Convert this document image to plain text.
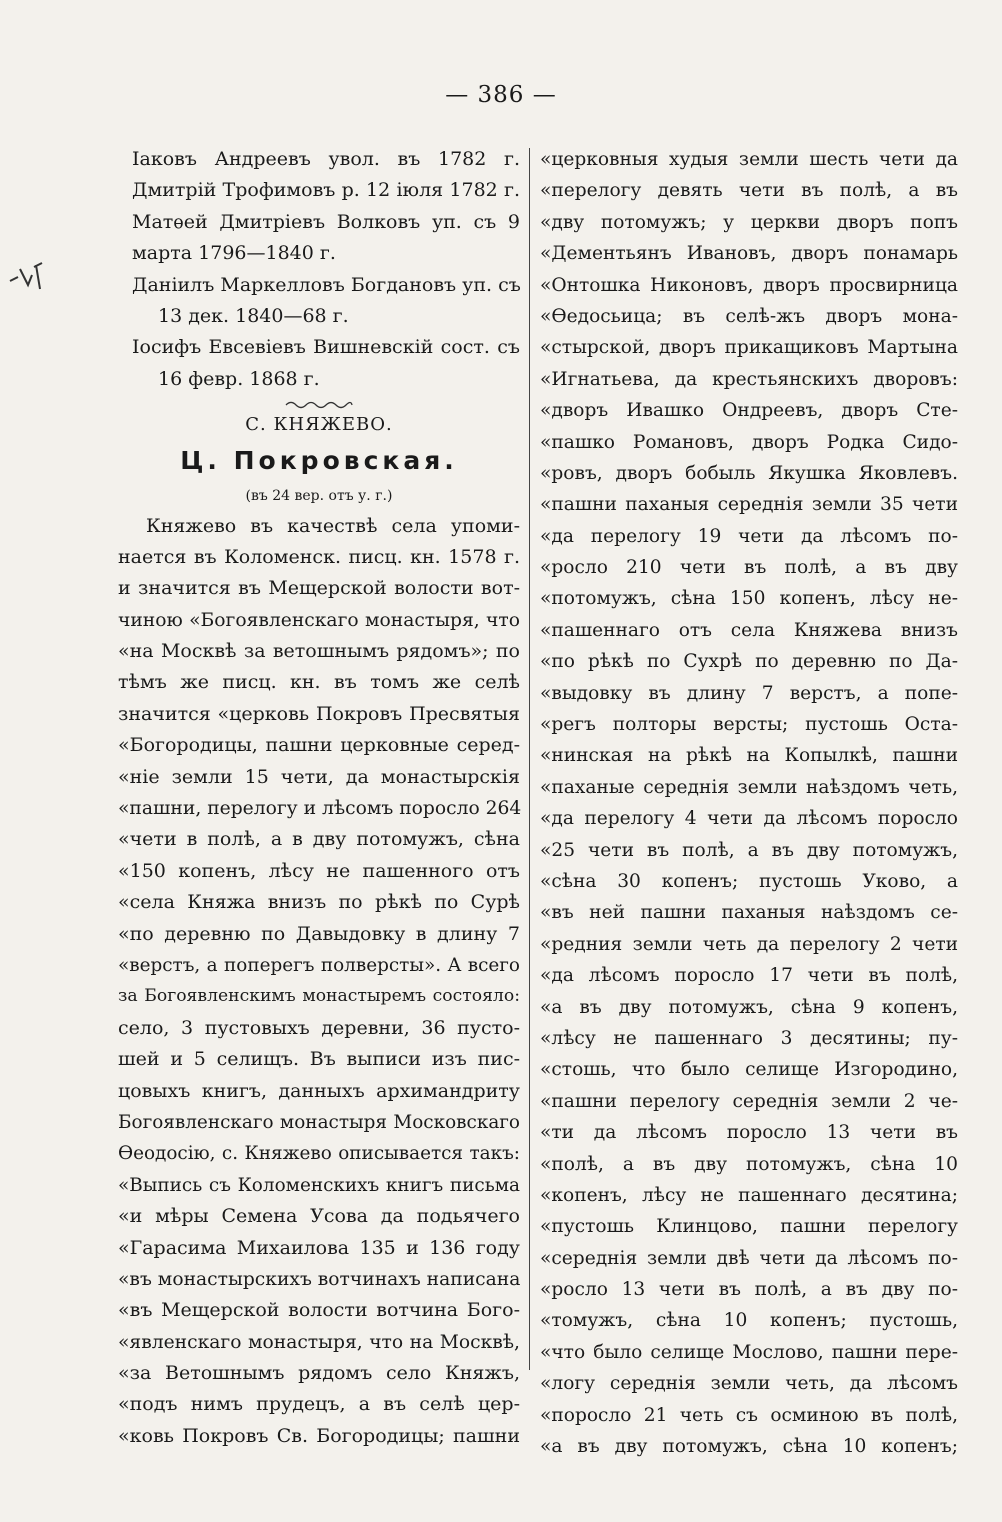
— 386 —
Іаковъ Андреевъ увол. въ 1782 г.
Дмитрій Трофимовъ р. 12 іюля 1782 г.
Матѳей Дмитріевъ Волковъ уп. съ 9
марта 1796—1840 г.
Даніилъ Маркелловъ Богдановъ уп. съ
13 дек. 1840—68 г.
Іосифъ Евсевіевъ Вишневскій сост. съ
16 февр. 1868 г.
С. КНЯЖЕВО.
Ц. Покровская.
(въ 24 вер. отъ у. г.)
Княжево въ качествѣ села упоми-
нается въ Коломенск. писц. кн. 1578 г.
и значится въ Мещерской волости вот-
чиною «Богоявленскаго монастыря, что
«на Москвѣ за ветошнымъ рядомъ»; по
тѣмъ же писц. кн. въ томъ же селѣ
значится «церковь Покровъ Пресвятыя
«Богородицы, пашни церковные серед-
«ніе земли 15 чети, да монастырскія
«пашни, перелогу и лѣсомъ поросло 264
«чети в полѣ, а в дву потомужъ, сѣна
«150 копенъ, лѣсу не пашенного отъ
«села Княжа внизъ по рѣкѣ по Сурѣ
«по деревню по Давыдовку в длину 7
«верстъ, а поперегъ полверсты». А всего
за Богоявленскимъ монастыремъ состояло:
село, 3 пустовыхъ деревни, 36 пусто-
шей и 5 селищъ. Въ выписи изъ пис-
цовыхъ книгъ, данныхъ архимандриту
Богоявленскаго монастыря Московскаго
Ѳеодосію, с. Княжево описывается такъ:
«Выпись съ Коломенскихъ книгъ письма
«и мѣры Семена Усова да подьячего
«Гарасима Михаилова 135 и 136 году
«въ монастырскихъ вотчинахъ написана
«въ Мещерской волости вотчина Бого-
«явленскаго монастыря, что на Москвѣ,
«за Ветошнымъ рядомъ село Княжъ,
«подъ нимъ прудецъ, а въ селѣ цер-
«ковь Покровъ Св. Богородицы; пашни
«церковныя худыя земли шесть чети да
«перелогу девять чети въ полѣ, а въ
«дву потомужъ; у церкви дворъ попъ
«Дементьянъ Ивановъ, дворъ понамарь
«Онтошка Никоновъ, дворъ просвирница
«Ѳедосьица; въ селѣ-жъ дворъ мона-
«стырской, дворъ прикащиковъ Мартына
«Игнатьева, да крестьянскихъ дворовъ:
«дворъ Ивашко Ондреевъ, дворъ Сте-
«пашко Романовъ, дворъ Родка Сидо-
«ровъ, дворъ бобыль Якушка Яковлевъ.
«пашни паханыя середнія земли 35 чети
«да перелогу 19 чети да лѣсомъ по-
«росло 210 чети въ полѣ, а въ дву
«потомужъ, сѣна 150 копенъ, лѣсу не-
«пашеннаго отъ села Княжева внизъ
«по рѣкѣ по Сухрѣ по деревню по Да-
«выдовку въ длину 7 верстъ, а попе-
«регъ полторы версты; пустошь Оста-
«нинская на рѣкѣ на Копылкѣ, пашни
«паханые середнія земли наѣздомъ четь,
«да перелогу 4 чети да лѣсомъ поросло
«25 чети въ полѣ, а въ дву потомужъ,
«сѣна 30 копенъ; пустошь Уково, а
«въ ней пашни паханыя наѣздомъ се-
«редния земли четь да перелогу 2 чети
«да лѣсомъ поросло 17 чети въ полѣ,
«а въ дву потомужъ, сѣна 9 копенъ,
«лѣсу не пашеннаго 3 десятины; пу-
«стошь, что было селище Изгородино,
«пашни перелогу середнія земли 2 че-
«ти да лѣсомъ поросло 13 чети въ
«полѣ, а въ дву потомужъ, сѣна 10
«копенъ, лѣсу не пашеннаго десятина;
«пустошь Клинцово, пашни перелогу
«середнія земли двѣ чети да лѣсомъ по-
«росло 13 чети въ полѣ, а въ дву по-
«томужъ, сѣна 10 копенъ; пустошь,
«что было селище Мослово, пашни пере-
«логу середнія земли четь, да лѣсомъ
«поросло 21 четь съ осминою въ полѣ,
«а въ дву потомужъ, сѣна 10 копенъ;
